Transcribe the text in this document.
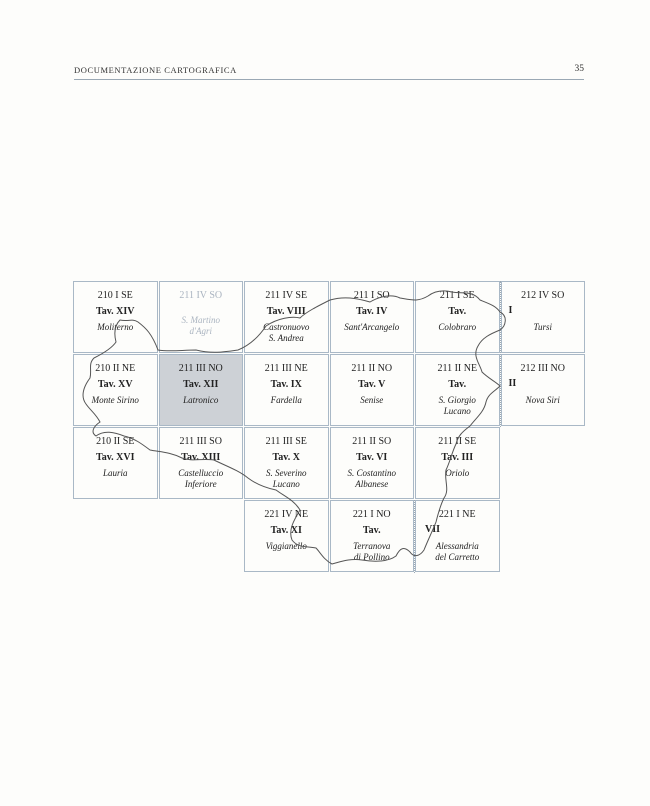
DOCUMENTAZIONE CARTOGRAFICA	35
210 I SE
Tav. XIV
Moliterno
211 IV SO
S. Martino
d'Agri
211 IV SE
Tav. VIII
Castronuovo
S. Andrea
211 I SO
Tav. IV
Sant'Arcangelo
211 I SE
Tav.
Colobraro
212 IV SO
Tursi
210 II NE
Tav. XV
Monte Sirino
211 III NO
Tav. XII
Latronico
211 III NE
Tav. IX
Fardella
211 II NO
Tav. V
Senise
211 II NE
Tav.
S. Giorgio
Lucano
212 III NO
Nova Siri
210 II SE
Tav. XVI
Lauria
211 III SO
Tav. XIII
Castelluccio
Inferiore
211 III SE
Tav. X
S. Severino
Lucano
211 II SO
Tav. VI
S. Costantino
Albanese
211 II SE
Tav. III
Oriolo
221 IV NE
Tav. XI
Viggianello
221 I NO
Tav.
Terranova
di Pollino
221 I NE
Alessandria
del Carretto
I
II
VII
